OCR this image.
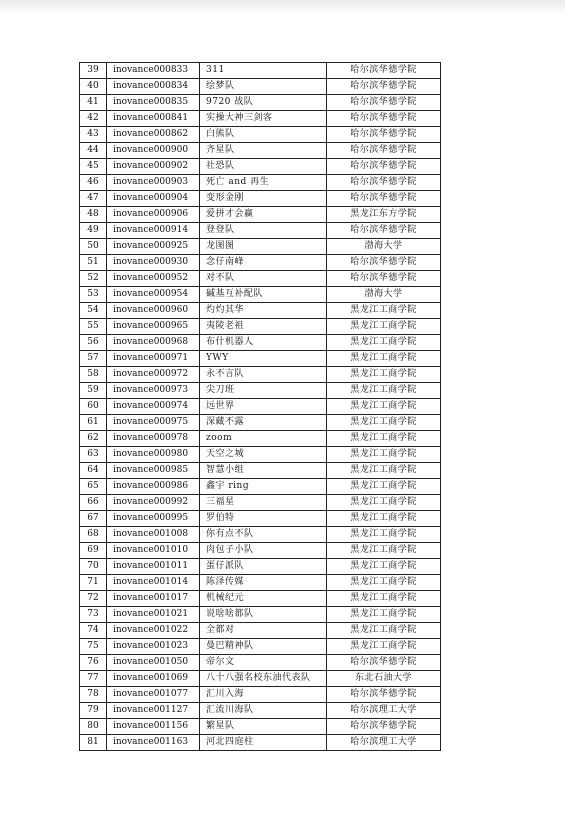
39	inovance000833	311	哈尔滨华德学院
40	inovance000834	绘梦队	哈尔滨华德学院
41	inovance000835	9720 战队	哈尔滨华德学院
42	inovance000841	实操大神三剑客	哈尔滨华德学院
43	inovance000862	白熊队	哈尔滨华德学院
44	inovance000900	齐星队	哈尔滨华德学院
45	inovance000902	社恐队	哈尔滨华德学院
46	inovance000903	死亡 and 再生	哈尔滨华德学院
47	inovance000904	变形金刚	哈尔滨华德学院
48	inovance000906	爱拼才会赢	黑龙江东方学院
49	inovance000914	登登队	哈尔滨华德学院
50	inovance000925	龙图图	渤海大学
51	inovance000930	念仔南峰	哈尔滨华德学院
52	inovance000952	对不队	哈尔滨华德学院
53	inovance000954	碱基互补配队	渤海大学
54	inovance000960	灼灼其华	黑龙江工商学院
55	inovance000965	夷陵老祖	黑龙江工商学院
56	inovance000968	布什机器人	黑龙江工商学院
57	inovance000971	YWY	黑龙江工商学院
58	inovance000972	永不言队	黑龙江工商学院
59	inovance000973	尖刀班	黑龙江工商学院
60	inovance000974	远世界	黑龙江工商学院
61	inovance000975	深藏不露	黑龙江工商学院
62	inovance000978	zoom	黑龙江工商学院
63	inovance000980	天空之城	黑龙江工商学院
64	inovance000985	智慧小组	黑龙江工商学院
65	inovance000986	鑫宇 ring	黑龙江工商学院
66	inovance000992	三福星	黑龙江工商学院
67	inovance000995	罗伯特	黑龙江工商学院
68	inovance001008	你有点不队	黑龙江工商学院
69	inovance001010	肉包子小队	黑龙江工商学院
70	inovance001011	蛋仔派队	黑龙江工商学院
71	inovance001014	陈泽传媒	黑龙江工商学院
72	inovance001017	机械纪元	黑龙江工商学院
73	inovance001021	说啥啥都队	黑龙江工商学院
74	inovance001022	全都对	黑龙江工商学院
75	inovance001023	曼巴精神队	黑龙江工商学院
76	inovance001050	帝尔文	哈尔滨华德学院
77	inovance001069	八十八强名校东油代表队	东北石油大学
78	inovance001077	汇川入海	哈尔滨华德学院
79	inovance001127	汇流川海队	哈尔滨理工大学
80	inovance001156	繁星队	哈尔滨华德学院
81	inovance001163	河北四庭柱	哈尔滨理工大学
